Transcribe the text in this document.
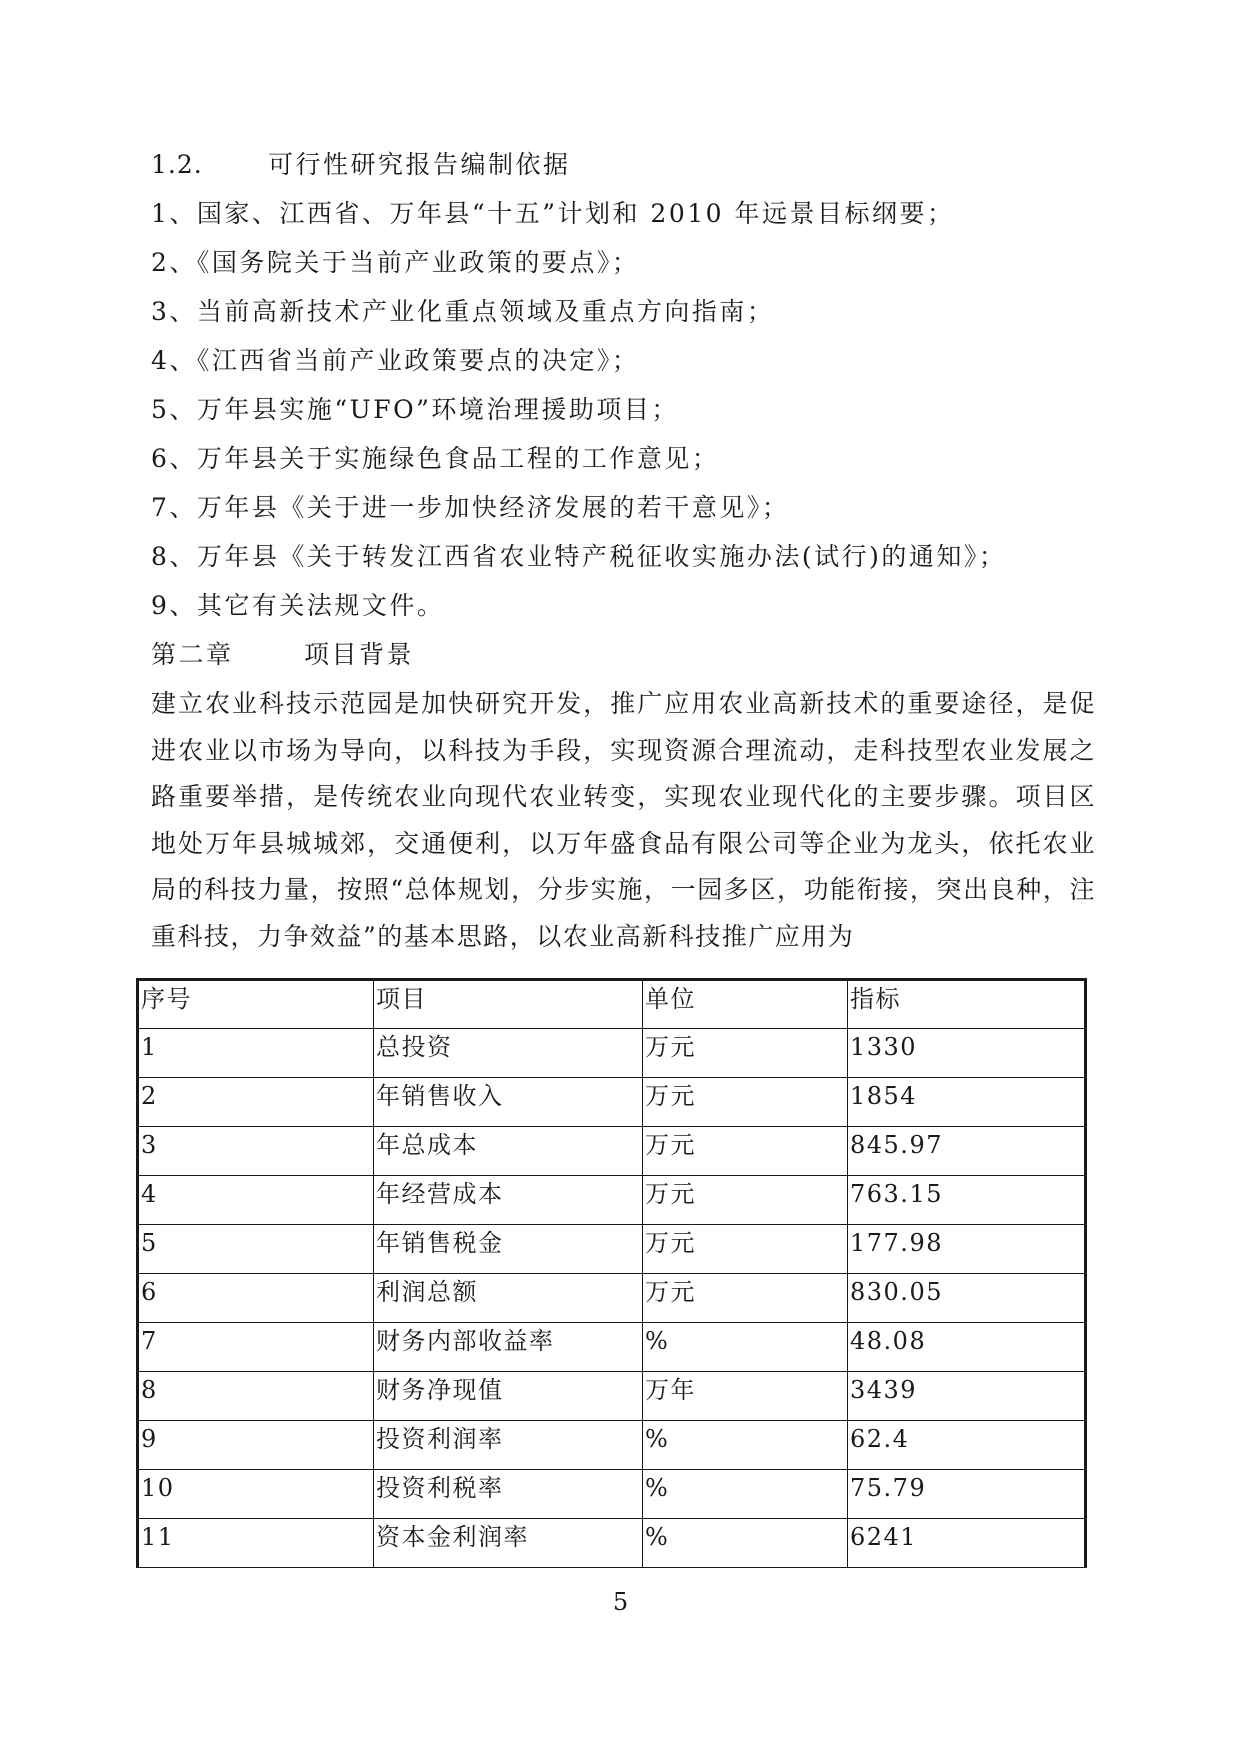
1.2.	可行性研究报告编制依据
1、国家、江西省、万年县“十五”计划和 2010 年远景目标纲要；
2、《国务院关于当前产业政策的要点》；
3、当前高新技术产业化重点领域及重点方向指南；
4、《江西省当前产业政策要点的决定》；
5、万年县实施“UFO”环境治理援助项目；
6、万年县关于实施绿色食品工程的工作意见；
7、万年县《关于进一步加快经济发展的若干意见》；
8、万年县《关于转发江西省农业特产税征收实施办法(试行)的通知》；
9、其它有关法规文件。
第二章	项目背景
建立农业科技示范园是加快研究开发，推广应用农业高新技术的重要途径，是促进农业以市场为导向，以科技为手段，实现资源合理流动，走科技型农业发展之路重要举措，是传统农业向现代农业转变，实现农业现代化的主要步骤。项目区地处万年县城城郊，交通便利，以万年盛食品有限公司等企业为龙头，依托农业局的科技力量，按照“总体规划，分步实施，一园多区，功能衔接，突出良种，注重科技，力争效益”的基本思路，以农业高新科技推广应用为
序号	项目	单位	指标
1	总投资	万元	1330
2	年销售收入	万元	1854
3	年总成本	万元	845.97
4	年经营成本	万元	763.15
5	年销售税金	万元	177.98
6	利润总额	万元	830.05
7	财务内部收益率	%	48.08
8	财务净现值	万年	3439
9	投资利润率	%	62.4
10	投资利税率	%	75.79
11	资本金利润率	%	6241
5
